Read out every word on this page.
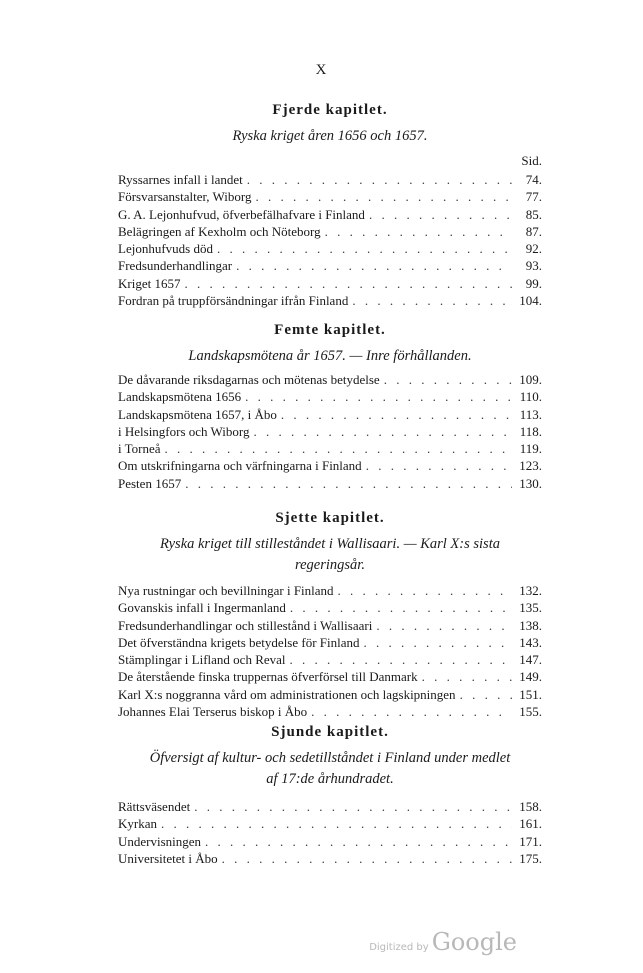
X
Fjerde kapitlet.
Ryska kriget åren 1656 och 1657.
Sid.
Ryssarnes infall i landet . . .	74.
Försvarsanstalter, Wiborg . . .	77.
G. A. Lejonhufvud, öfverbefälhafvare i Finland . . .	85.
Belägringen af Kexholm och Nöteborg . . .	87.
Lejonhufvuds död . . .	92.
Fredsunderhandlingar . . .	93.
Kriget 1657 . . .	99.
Fordran på truppförsändningar ifrån Finland . . .	104.
Femte kapitlet.
Landskapsmötena år 1657. — Inre förhållanden.
De dåvarande riksdagarnas och mötenas betydelse . . .	109.
Landskapsmötena 1656 . . .	110.
Landskapsmötena 1657, i Åbo . . .	113.
i Helsingfors och Wiborg . . .	118.
i Torneå . . .	119.
Om utskrifningarna och värfningarna i Finland . . .	123.
Pesten 1657 . . .	130.
Sjette kapitlet.
Ryska kriget till stilleståndet i Wallisaari. — Karl X:s sista
regeringsår.
Nya rustningar och bevillningar i Finland . . .	132.
Govanskis infall i Ingermanland . . .	135.
Fredsunderhandlingar och stillestånd i Wallisaari . . .	138.
Det öfverständna krigets betydelse för Finland . . .	143.
Stämplingar i Lifland och Reval . . .	147.
De återstående finska truppernas öfverförsel till Danmark . . .	149.
Karl X:s noggranna vård om administrationen och lagskipningen . . .	151.
Johannes Elai Terserus biskop i Åbo . . .	155.
Sjunde kapitlet.
Öfversigt af kultur- och sedetillståndet i Finland under medlet
af 17:de århundradet.
Rättsväsendet . . .	158.
Kyrkan . . .	161.
Undervisningen . . .	171.
Universitetet i Åbo . . .	175.
Digitized by Google
